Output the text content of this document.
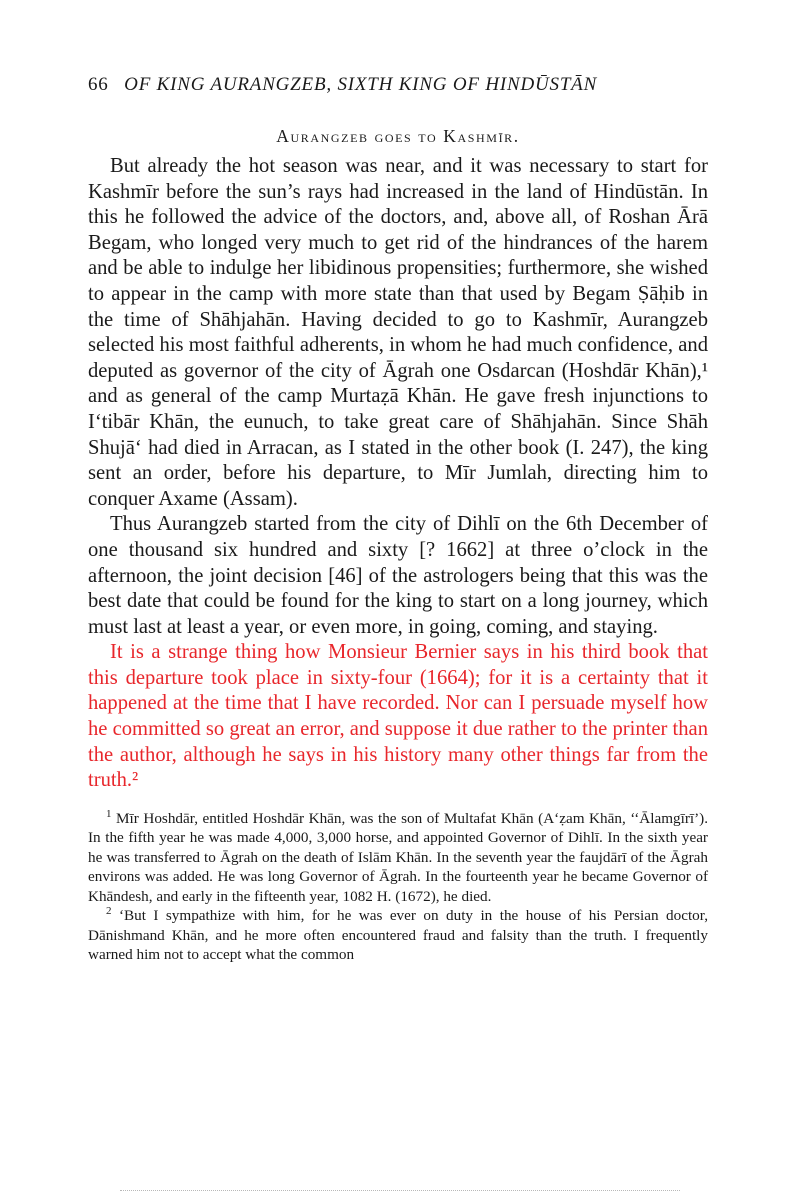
66 OF KING AURANGZEB, SIXTH KING OF HINDŪSTĀN
Aurangzeb goes to Kashmīr.

But already the hot season was near, and it was necessary to start for Kashmīr before the sun’s rays had increased in the land of Hindūstān. In this he followed the advice of the doctors, and, above all, of Roshan Ārā Begam, who longed very much to get rid of the hindrances of the harem and be able to indulge her libidinous propensities; furthermore, she wished to appear in the camp with more state than that used by Begam Ṣāḥib in the time of Shāhjahān. Having decided to go to Kashmīr, Aurangzeb selected his most faithful adherents, in whom he had much confidence, and deputed as governor of the city of Āgrah one Osdarcan (Hoshdār Khān),¹ and as general of the camp Murtaẓā Khān. He gave fresh injunctions to I‘tibār Khān, the eunuch, to take great care of Shāhjahān. Since Shāh Shujā‘ had died in Arracan, as I stated in the other book (I. 247), the king sent an order, before his departure, to Mīr Jumlah, directing him to conquer Axame (Assam).

Thus Aurangzeb started from the city of Dihlī on the 6th December of one thousand six hundred and sixty [? 1662] at three o’clock in the afternoon, the joint decision [46] of the astrologers being that this was the best date that could be found for the king to start on a long journey, which must last at least a year, or even more, in going, coming, and staying.

It is a strange thing how Monsieur Bernier says in his third book that this departure took place in sixty-four (1664); for it is a certainty that it happened at the time that I have recorded. Nor can I persuade myself how he committed so great an error, and suppose it due rather to the printer than the author, although he says in his history many other things far from the truth.²

$^1$ Mīr Hoshdār, entitled Hoshdār Khān, was the son of Multafat Khān (A‘ẓam Khān, ‘‘Ālamgīrī’). In the fifth year he was made 4,000, 3,000 horse, and appointed Governor of Dihlī. In the sixth year he was transferred to Āgrah on the death of Islām Khān. In the seventh year the faujdārī of the Āgrah environs was added. He was long Governor of Āgrah. In the fourteenth year he became Governor of Khāndesh, and early in the fifteenth year, 1082 H. (1672), he died.

$^2$ ‘But I sympathize with him, for he was ever on duty in the house of his Persian doctor, Dānishmand Khān, and he more often encountered fraud and falsity than the truth. I frequently warned him not to accept what the common
